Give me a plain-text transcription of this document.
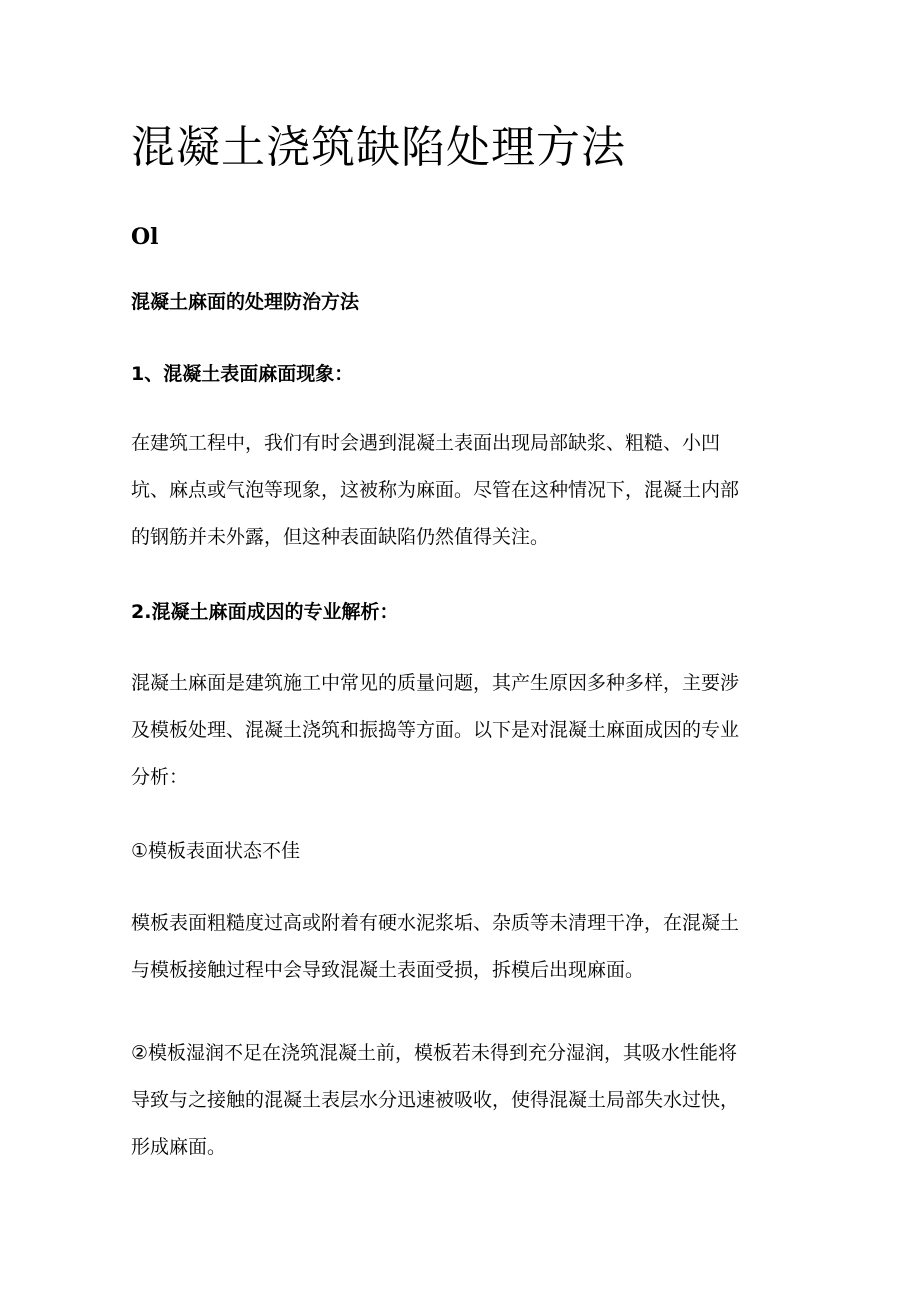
混凝土浇筑缺陷处理方法
Ol
混凝土麻面的处理防治方法
1、混凝土表面麻面现象：

在建筑工程中，我们有时会遇到混凝土表面出现局部缺浆、粗糙、小凹
坑、麻点或气泡等现象，这被称为麻面。尽管在这种情况下，混凝土内部
的钢筋并未外露，但这种表面缺陷仍然值得关注。

2.混凝土麻面成因的专业解析：

混凝土麻面是建筑施工中常见的质量问题，其产生原因多种多样，主要涉
及模板处理、混凝土浇筑和振捣等方面。以下是对混凝土麻面成因的专业
分析：

①模板表面状态不佳

模板表面粗糙度过高或附着有硬水泥浆垢、杂质等未清理干净，在混凝土
与模板接触过程中会导致混凝土表面受损，拆模后出现麻面。

②模板湿润不足在浇筑混凝土前，模板若未得到充分湿润，其吸水性能将
导致与之接触的混凝土表层水分迅速被吸收，使得混凝土局部失水过快，
形成麻面。
